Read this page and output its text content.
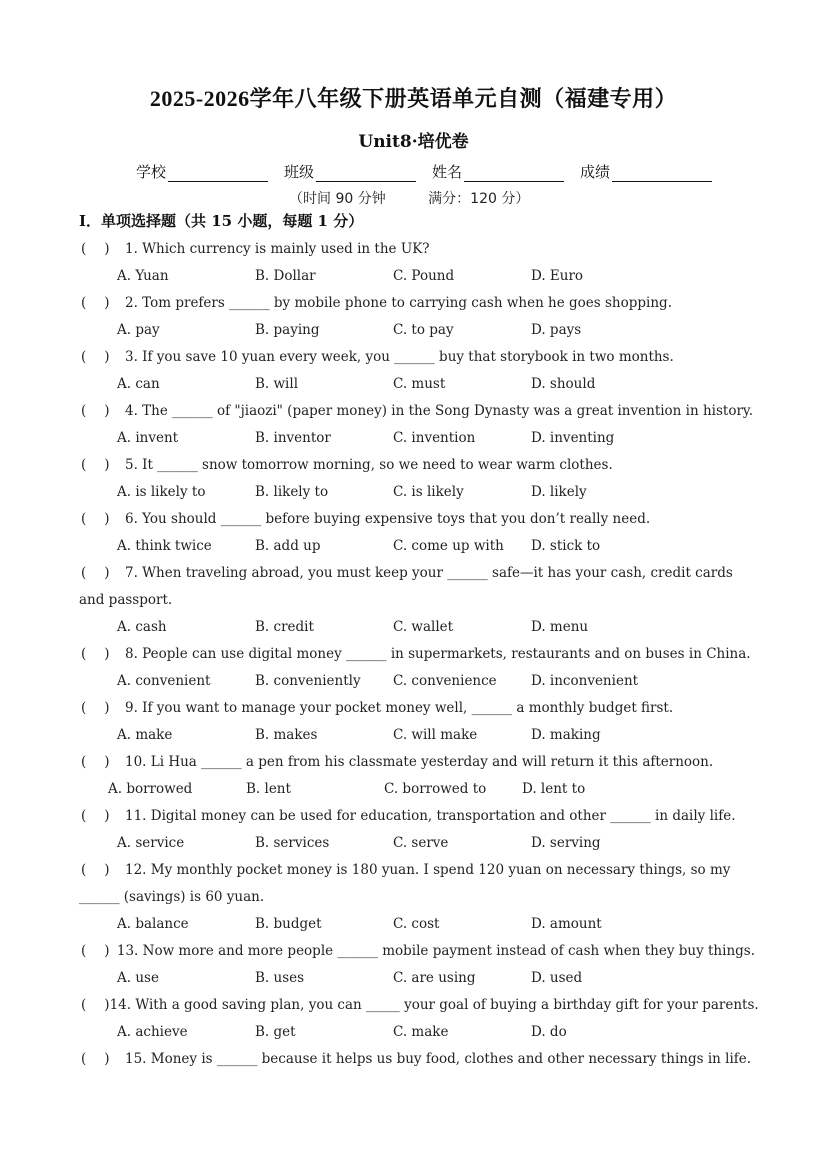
2025-2026学年八年级下册英语单元自测（福建专用）
Unit8·培优卷
学校	班级	姓名	成绩
（时间 90 分钟	满分：120 分）
I．单项选择题（共 15 小题，每题 1 分）
( )	1. Which currency is mainly used in the UK?
A. Yuan	B. Dollar	C. Pound	D. Euro
( )	2. Tom prefers ______ by mobile phone to carrying cash when he goes shopping.
A. pay	B. paying	C. to pay	D. pays
( )	3. If you save 10 yuan every week, you ______ buy that storybook in two months.
A. can	B. will	C. must	D. should
( )	4. The ______ of "jiaozi" (paper money) in the Song Dynasty was a great invention in history.
A. invent	B. inventor	C. invention	D. inventing
( )	5. It ______ snow tomorrow morning, so we need to wear warm clothes.
A. is likely to	B. likely to	C. is likely	D. likely
( )	6. You should ______ before buying expensive toys that you don’t really need.
A. think twice	B. add up	C. come up with	D. stick to
( ) 7. When traveling abroad, you must keep your ______ safe—it has your cash, credit cards
and passport.
A. cash	B. credit	C. wallet	D. menu
( )	8. People can use digital money ______ in supermarkets, restaurants and on buses in China.
A. convenient	B. conveniently	C. convenience	D. inconvenient
( )	9. If you want to manage your pocket money well, ______ a monthly budget first.
A. make	B. makes	C. will make	D. making
( )	10. Li Hua ______ a pen from his classmate yesterday and will return it this afternoon.
A. borrowed	B. lent	C. borrowed to	D. lent to
( )	11. Digital money can be used for education, transportation and other ______ in daily life.
A. service	B. services	C. serve	D. serving
( ) 12. My monthly pocket money is 180 yuan. I spend 120 yuan on necessary things, so my
______ (savings) is 60 yuan.
A. balance	B. budget	C. cost	D. amount
( ) 13. Now more and more people ______ mobile payment instead of cash when they buy things.
A. use	B. uses	C. are using	D. used
( ) 14. With a good saving plan, you can _____ your goal of buying a birthday gift for your parents.
A. achieve	B. get	C. make	D. do
( )	15. Money is ______ because it helps us buy food, clothes and other necessary things in life.
